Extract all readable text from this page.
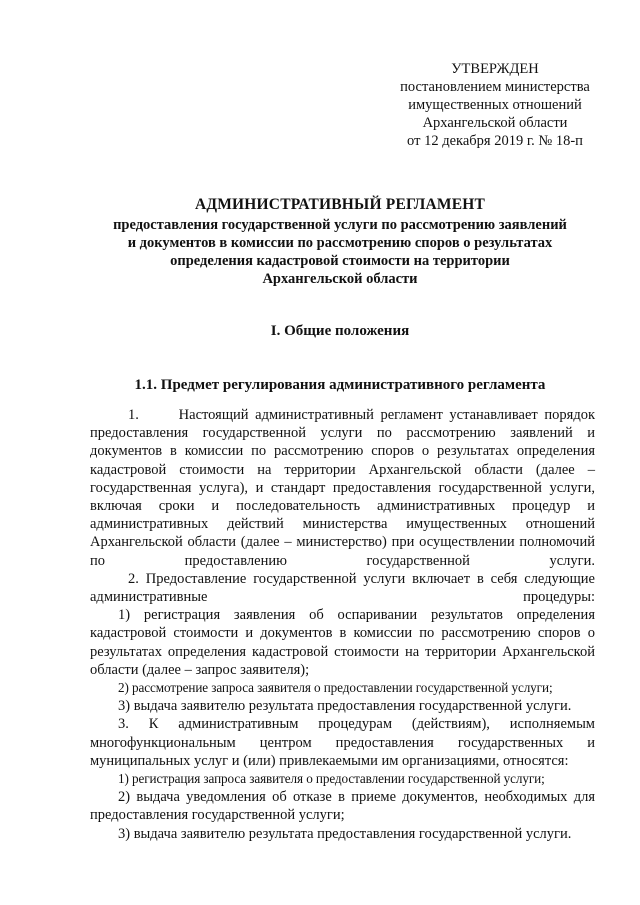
УТВЕРЖДЕН
постановлением министерства
имущественных отношений
Архангельской области
от 12 декабря 2019 г. № 18-п
АДМИНИСТРАТИВНЫЙ РЕГЛАМЕНТ
предоставления государственной услуги по рассмотрению заявлений
и документов в комиссии по рассмотрению споров о результатах
определения кадастровой стоимости на территории
Архангельской области
I. Общие положения
1.1. Предмет регулирования административного регламента

1.      Настоящий административный регламент устанавливает порядок предоставления государственной услуги по рассмотрению заявлений и документов в комиссии по рассмотрению споров о результатах определения кадастровой стоимости на территории Архангельской области (далее – государственная услуга), и стандарт предоставления государственной услуги, включая сроки и последовательность административных процедур и административных действий министерства имущественных отношений Архангельской области (далее – министерство) при осуществлении полномочий по предоставлению государственной услуги.

2. Предоставление государственной услуги включает в себя следующие административные процедуры:

1) регистрация заявления об оспаривании результатов определения кадастровой стоимости и документов в комиссии по рассмотрению споров о результатах определения кадастровой стоимости на территории Архангельской области (далее – запрос заявителя);

2) рассмотрение запроса заявителя о предоставлении государственной услуги;

3) выдача заявителю результата предоставления государственной услуги.

3. К административным процедурам (действиям), исполняемым многофункциональным центром предоставления государственных и муниципальных услуг и (или) привлекаемыми им организациями, относятся:

1) регистрация запроса заявителя о предоставлении государственной услуги;

2) выдача уведомления об отказе в приеме документов, необходимых для предоставления государственной услуги;

3) выдача заявителю результата предоставления государственной услуги.
